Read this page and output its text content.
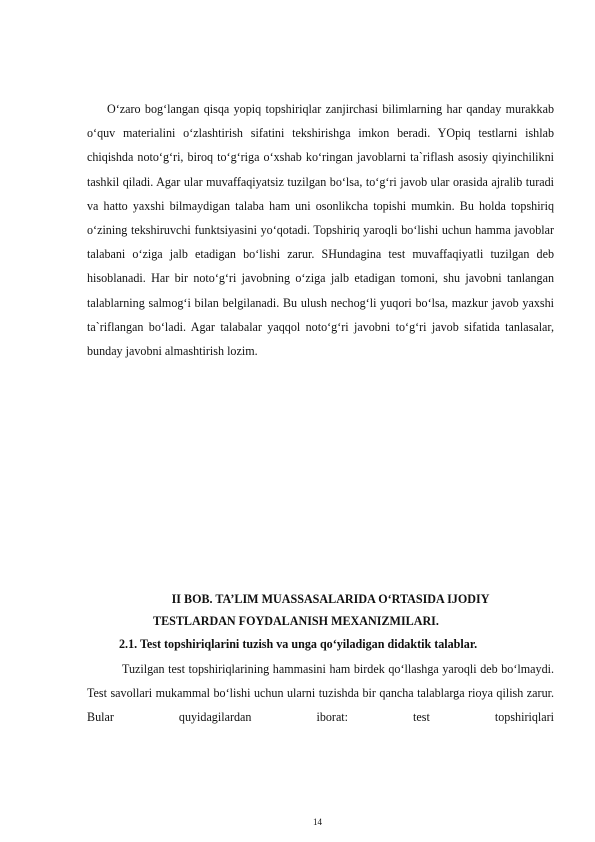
O‘zaro bog‘langan qisqa yopiq topshiriqlar zanjirchasi bilimlarning har qanday murakkab o‘quv materialini o‘zlashtirish sifatini tekshirishga imkon beradi. YOpiq testlarni ishlab chiqishda noto‘g‘ri, biroq to‘g‘riga o‘xshab ko‘ringan javoblarni ta`riflash asosiy qiyinchilikni tashkil qiladi. Agar ular muvaffaqiyatsiz tuzilgan bo‘lsa, to‘g‘ri javob ular orasida ajralib turadi va hatto yaxshi bilmaydigan talaba ham uni osonlikcha topishi mumkin. Bu holda topshiriq o‘zining tekshiruvchi funktsiyasini yo‘qotadi. Topshiriq yaroqli bo‘lishi uchun hamma javoblar talabani o‘ziga jalb etadigan bo‘lishi zarur. SHundagina test muvaffaqiyatli tuzilgan deb hisoblanadi. Har bir noto‘g‘ri javobning o‘ziga jalb etadigan tomoni, shu javobni tanlangan talablarning salmog‘i bilan belgilanadi. Bu ulush nechog‘li yuqori bo‘lsa, mazkur javob yaxshi ta`riflangan bo‘ladi. Agar talabalar yaqqol noto‘g‘ri javobni to‘g‘ri javob sifatida tanlasalar, bunday javobni almashtirish lozim.

II BOB. TA’LIM MUASSASALARIDA O‘RTASIDA IJODIY
TESTLARDAN FOYDALANISH MEXANIZMILARI.
2.1. Test topshiriqlarini tuzish va unga qo‘yiladigan didaktik talablar.

Tuzilgan test topshiriqlarining hammasini ham birdek qo‘llashga yaroqli deb bo‘lmaydi. Test savollari mukammal bo‘lishi uchun ularni tuzishda bir qancha talablarga rioya qilish zarur. Bular quyidagilardan iborat: test topshiriqlari

14
